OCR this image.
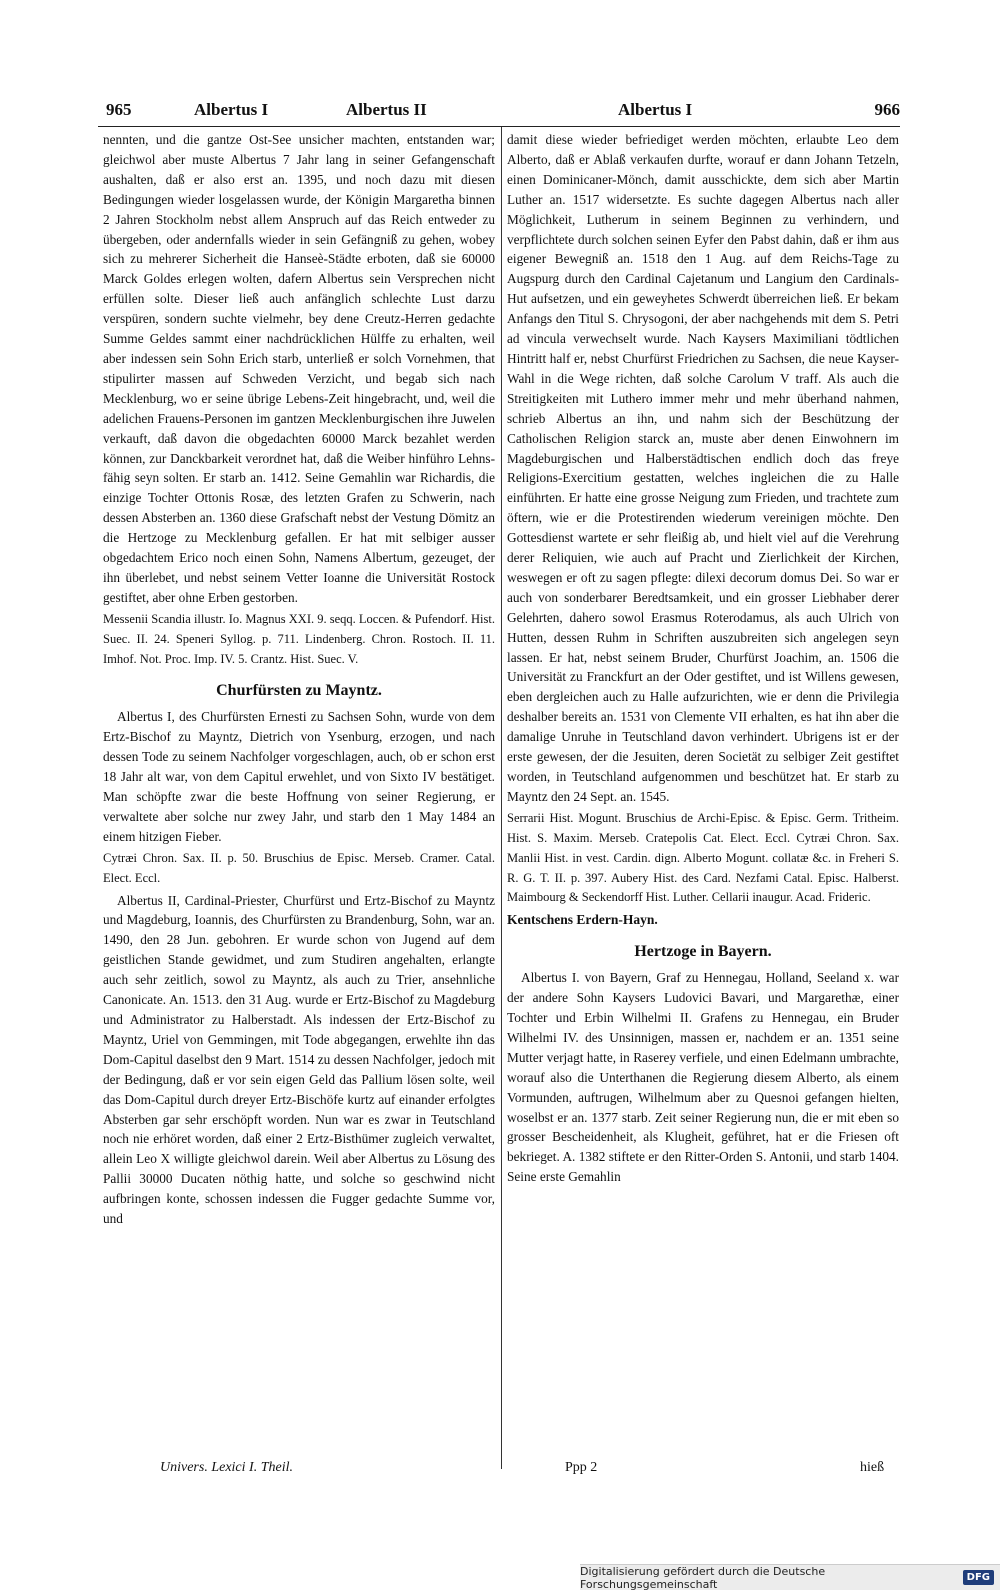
965	Albertus I	Albertus II	Albertus I	966

nennten, und die gantze Ost-See unsicher machten, entstanden war; gleichwol aber muste Albertus 7 Jahr lang in seiner Gefangenschaft aushalten, daß er also erst an. 1395, und noch dazu mit diesen Bedingungen wieder losgelassen wurde, der Königin Margaretha binnen 2 Jahren Stockholm nebst allem Anspruch auf das Reich entweder zu übergeben, oder andernfalls wieder in sein Gefängniß zu gehen, wobey sich zu mehrerer Sicherheit die Hanseè-Städte erboten, daß sie 60000 Marck Goldes erlegen wolten, dafern Albertus sein Versprechen nicht erfüllen solte. Dieser ließ auch anfänglich schlechte Lust darzu verspüren, sondern suchte vielmehr, bey dene Creutz-Herren gedachte Summe Geldes sammt einer nachdrücklichen Hülffe zu erhalten, weil aber indessen sein Sohn Erich starb, unterließ er solch Vornehmen, that stipulirter massen auf Schweden Verzicht, und begab sich nach Mecklenburg, wo er seine übrige Lebens-Zeit hingebracht, und, weil die adelichen Frauens-Personen im gantzen Mecklenburgischen ihre Juwelen verkauft, daß davon die obgedachten 60000 Marck bezahlet werden können, zur Danckbarkeit verordnet hat, daß die Weiber hinführo Lehns-fähig seyn solten. Er starb an. 1412. Seine Gemahlin war Richardis, die einzige Tochter Ottonis Rosæ, des letzten Grafen zu Schwerin, nach dessen Absterben an. 1360 diese Grafschaft nebst der Vestung Dömitz an die Hertzoge zu Mecklenburg gefallen. Er hat mit selbiger ausser obgedachtem Erico noch einen Sohn, Namens Albertum, gezeuget, der ihn überlebet, und nebst seinem Vetter Ioanne die Universität Rostock gestiftet, aber ohne Erben gestorben.

Messenii Scandia illustr. Io. Magnus XXI. 9. seqq. Loccen. & Pufendorf. Hist. Suec. II. 24. Speneri Syllog. p. 711. Lindenberg. Chron. Rostoch. II. 11. Imhof. Not. Proc. Imp. IV. 5. Crantz. Hist. Suec. V.

Churfürsten zu Mayntz.

Albertus I, des Churfürsten Ernesti zu Sachsen Sohn, wurde von dem Ertz-Bischof zu Mayntz, Dietrich von Ysenburg, erzogen, und nach dessen Tode zu seinem Nachfolger vorgeschlagen, auch, ob er schon erst 18 Jahr alt war, von dem Capitul erwehlet, und von Sixto IV bestätiget. Man schöpfte zwar die beste Hoffnung von seiner Regierung, er verwaltete aber solche nur zwey Jahr, und starb den 1 May 1484 an einem hitzigen Fieber.

Cytræi Chron. Sax. II. p. 50. Bruschius de Episc. Merseb. Cramer. Catal. Elect. Eccl.

Albertus II, Cardinal-Priester, Churfürst und Ertz-Bischof zu Mayntz und Magdeburg, Ioannis, des Churfürsten zu Brandenburg, Sohn, war an. 1490, den 28 Jun. gebohren. Er wurde schon von Jugend auf dem geistlichen Stande gewidmet, und zum Studiren angehalten, erlangte auch sehr zeitlich, sowol zu Mayntz, als auch zu Trier, ansehnliche Canonicate. An. 1513. den 31 Aug. wurde er Ertz-Bischof zu Magdeburg und Administrator zu Halberstadt. Als indessen der Ertz-Bischof zu Mayntz, Uriel von Gemmingen, mit Tode abgegangen, erwehlte ihn das Dom-Capitul daselbst den 9 Mart. 1514 zu dessen Nachfolger, jedoch mit der Bedingung, daß er vor sein eigen Geld das Pallium lösen solte, weil das Dom-Capitul durch dreyer Ertz-Bischöfe kurtz auf einander erfolgtes Absterben gar sehr erschöpft worden. Nun war es zwar in Teutschland noch nie erhöret worden, daß einer 2 Ertz-Bisthümer zugleich verwaltet, allein Leo X willigte gleichwol darein. Weil aber Albertus zu Lösung des Pallii 30000 Ducaten nöthig hatte, und solche so geschwind nicht aufbringen konte, schossen indessen die Fugger gedachte Summe vor, und

damit diese wieder befriediget werden möchten, erlaubte Leo dem Alberto, daß er Ablaß verkaufen durfte, worauf er dann Johann Tetzeln, einen Dominicaner-Mönch, damit ausschickte, dem sich aber Martin Luther an. 1517 widersetzte. Es suchte dagegen Albertus nach aller Möglichkeit, Lutherum in seinem Beginnen zu verhindern, und verpflichtete durch solchen seinen Eyfer den Pabst dahin, daß er ihm aus eigener Bewegniß an. 1518 den 1 Aug. auf dem Reichs-Tage zu Augspurg durch den Cardinal Cajetanum und Langium den Cardinals-Hut aufsetzen, und ein geweyhetes Schwerdt überreichen ließ. Er bekam Anfangs den Titul S. Chrysogoni, der aber nachgehends mit dem S. Petri ad vincula verwechselt wurde. Nach Kaysers Maximiliani tödtlichen Hintritt half er, nebst Churfürst Friedrichen zu Sachsen, die neue Kayser-Wahl in die Wege richten, daß solche Carolum V traff. Als auch die Streitigkeiten mit Luthero immer mehr und mehr überhand nahmen, schrieb Albertus an ihn, und nahm sich der Beschützung der Catholischen Religion starck an, muste aber denen Einwohnern im Magdeburgischen und Halberstädtischen endlich doch das freye Religions-Exercitium gestatten, welches ingleichen die zu Halle einführten. Er hatte eine grosse Neigung zum Frieden, und trachtete zum öftern, wie er die Protestirenden wiederum vereinigen möchte. Den Gottesdienst wartete er sehr fleißig ab, und hielt viel auf die Verehrung derer Reliquien, wie auch auf Pracht und Zierlichkeit der Kirchen, weswegen er oft zu sagen pflegte: dilexi decorum domus Dei. So war er auch von sonderbarer Beredtsamkeit, und ein grosser Liebhaber derer Gelehrten, dahero sowol Erasmus Roterodamus, als auch Ulrich von Hutten, dessen Ruhm in Schriften auszubreiten sich angelegen seyn lassen. Er hat, nebst seinem Bruder, Churfürst Joachim, an. 1506 die Universität zu Franckfurt an der Oder gestiftet, und ist Willens gewesen, eben dergleichen auch zu Halle aufzurichten, wie er denn die Privilegia deshalber bereits an. 1531 von Clemente VII erhalten, es hat ihn aber die damalige Unruhe in Teutschland davon verhindert. Ubrigens ist er der erste gewesen, der die Jesuiten, deren Societät zu selbiger Zeit gestiftet worden, in Teutschland aufgenommen und beschützet hat. Er starb zu Mayntz den 24 Sept. an. 1545.

Serrarii Hist. Mogunt. Bruschius de Archi-Episc. & Episc. Germ. Tritheim. Hist. S. Maxim. Merseb. Cratepolis Cat. Elect. Eccl. Cytræi Chron. Sax. Manlii Hist. in vest. Cardin. dign. Alberto Mogunt. collatæ &c. in Freheri S. R. G. T. II. p. 397. Aubery Hist. des Card. Nezfami Catal. Episc. Halberst. Maimbourg & Seckendorff Hist. Luther. Cellarii inaugur. Acad. Frideric.

Kentschens Erdern-Hayn.

Hertzoge in Bayern.

Albertus I. von Bayern, Graf zu Hennegau, Holland, Seeland x. war der andere Sohn Kaysers Ludovici Bavari, und Margarethæ, einer Tochter und Erbin Wilhelmi II. Grafens zu Hennegau, ein Bruder Wilhelmi IV. des Unsinnigen, massen er, nachdem er an. 1351 seine Mutter verjagt hatte, in Raserey verfiele, und einen Edelmann umbrachte, worauf also die Unterthanen die Regierung diesem Alberto, als einem Vormunden, auftrugen, Wilhelmum aber zu Quesnoi gefangen hielten, woselbst er an. 1377 starb. Zeit seiner Regierung nun, die er mit eben so grosser Bescheidenheit, als Klugheit, geführet, hat er die Friesen oft bekrieget. A. 1382 stiftete er den Ritter-Orden S. Antonii, und starb 1404. Seine erste Gemahlin

Univers. Lexici I. Theil.	Ppp 2	hieß
Digitalisierung gefördert durch die Deutsche Forschungsgemeinschaft	DFG
